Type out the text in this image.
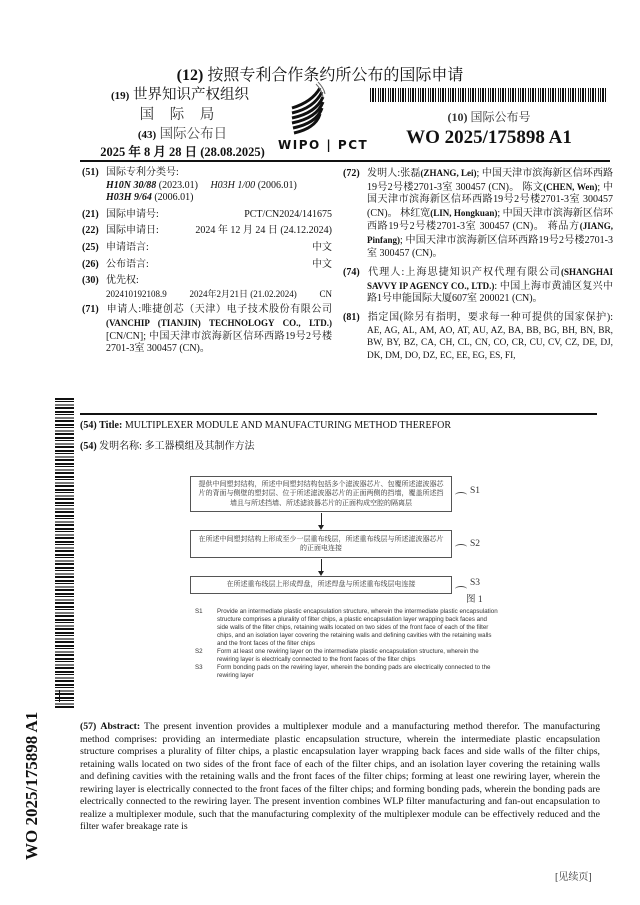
(12) 按照专利合作条约所公布的国际申请
(19) 世界知识产权组织
国 际 局
(43) 国际公布日
2025 年 8 月 28 日 (28.08.2025)	WIPO | PCT
(10) 国际公布号
WO 2025/175898 A1
(51) 国际专利分类号:
H10N 30/88 (2023.01) H03H 1/00 (2006.01)
H03H 9/64 (2006.01)
(21) 国际申请号:	PCT/CN2024/141675
(22) 国际申请日:	2024 年 12 月 24 日 (24.12.2024)
(25) 申请语言:	中文
(26) 公布语言:	中文
(30) 优先权:
202410192108.9	2024年2月21日 (21.02.2024)	CN
(71) 申请人:唯捷创芯（天津）电子技术股份有限公司(VANCHIP (TIANJIN) TECHNOLOGY CO., LTD.) [CN/CN]; 中国天津市滨海新区信环西路19号2号楼2701-3室 300457 (CN)。
(72) 发明人:张磊(ZHANG, Lei); 中国天津市滨海新区信环西路19号2号楼2701-3室 300457 (CN)。 陈文(CHEN, Wen); 中国天津市滨海新区信环西路19号2号楼2701-3室 300457 (CN)。 林红宽(LIN, Hongkuan); 中国天津市滨海新区信环西路19号2号楼2701-3室 300457 (CN)。 蒋品方(JIANG, Pinfang); 中国天津市滨海新区信环西路19号2号楼2701-3室 300457 (CN)。
(74) 代理人:上海思捷知识产权代理有限公司(SHANGHAI SAVVY IP AGENCY CO., LTD.): 中国上海市黄浦区复兴中路1号申能国际大厦607室 200021 (CN)。
(81) 指定国(除另有指明，要求每一种可提供的国家保护): AE, AG, AL, AM, AO, AT, AU, AZ, BA, BB, BG, BH, BN, BR, BW, BY, BZ, CA, CH, CL, CN, CO, CR, CU, CV, CZ, DE, DJ, DK, DM, DO, DZ, EC, EE, EG, ES, FI,
WO 2025/175898 A1
(54) Title: MULTIPLEXER MODULE AND MANUFACTURING METHOD THEREFOR
(54) 发明名称: 多工器模组及其制作方法
提供中间塑封结构，所述中间塑封结构包括多个滤波器芯片、包覆所述滤波器芯片的背面与侧壁的塑封层、位于所述滤波器芯片的正面两侧的挡墙，覆盖所述挡墙且与所述挡墙、所述滤波器芯片的正面构成空腔的隔离层
S1
在所述中间塑封结构上形成至少一层重布线层，所述重布线层与所述滤波器芯片的正面电连接	S2
在所述重布线层上形成焊盘，所述焊盘与所述重布线层电连接	S3
图 1
S1	Provide an intermediate plastic encapsulation structure, wherein the intermediate plastic encapsulation structure comprises a plurality of filter chips, a plastic encapsulation layer wrapping back faces and side walls of the filter chips, retaining walls located on two sides of the front face of each of the filter chips, and an isolation layer covering the retaining walls and defining cavities with the retaining walls and the front faces of the filter chips
S2	Form at least one rewiring layer on the intermediate plastic encapsulation structure, wherein the rewiring layer is electrically connected to the front faces of the filter chips
S3	Form bonding pads on the rewiring layer, wherein the bonding pads are electrically connected to the rewiring layer
(57) Abstract: The present invention provides a multiplexer module and a manufacturing method therefor. The manufacturing method comprises: providing an intermediate plastic encapsulation structure, wherein the intermediate plastic encapsulation structure comprises a plurality of filter chips, a plastic encapsulation layer wrapping back faces and side walls of the filter chips, retaining walls located on two sides of the front face of each of the filter chips, and an isolation layer covering the retaining walls and defining cavities with the retaining walls and the front faces of the filter chips; forming at least one rewiring layer, wherein the rewiring layer is electrically connected to the front faces of the filter chips; and forming bonding pads, wherein the bonding pads are electrically connected to the rewiring layer. The present invention combines WLP filter manufacturing and fan-out encapsulation to realize a multiplexer module, such that the manufacturing complexity of the multiplexer module can be effectively reduced and the filter wafer breakage rate is
[见续页]
